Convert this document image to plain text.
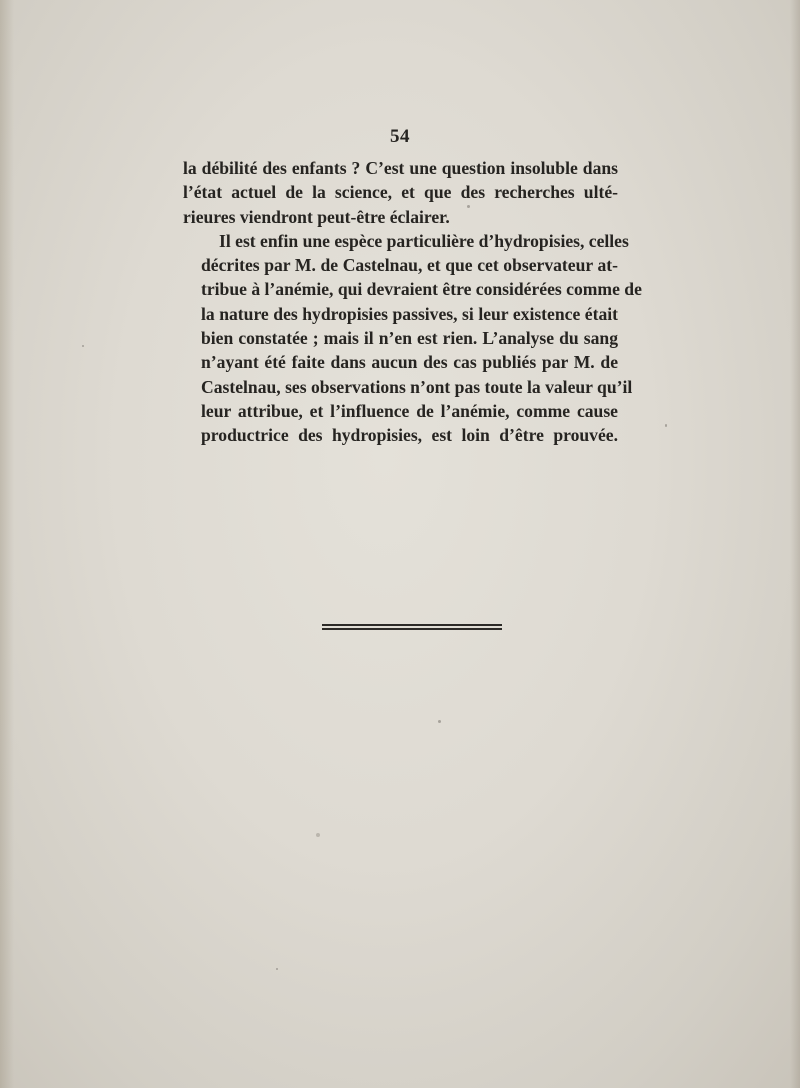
54

la débilité des enfants ? C’est une question insoluble dans
l’état actuel de la science, et que des recherches ulté-
rieures viendront peut-être éclairer.

Il est enfin une espèce particulière d’hydropisies, celles
décrites par M. de Castelnau, et que cet observateur at-
tribue à l’anémie, qui devraient être considérées comme de
la nature des hydropisies passives, si leur existence était
bien constatée ; mais il n’en est rien. L’analyse du sang
n’ayant été faite dans aucun des cas publiés par M. de
Castelnau, ses observations n’ont pas toute la valeur qu’il
leur attribue, et l’influence de l’anémie, comme cause
productrice des hydropisies, est loin d’être prouvée.
